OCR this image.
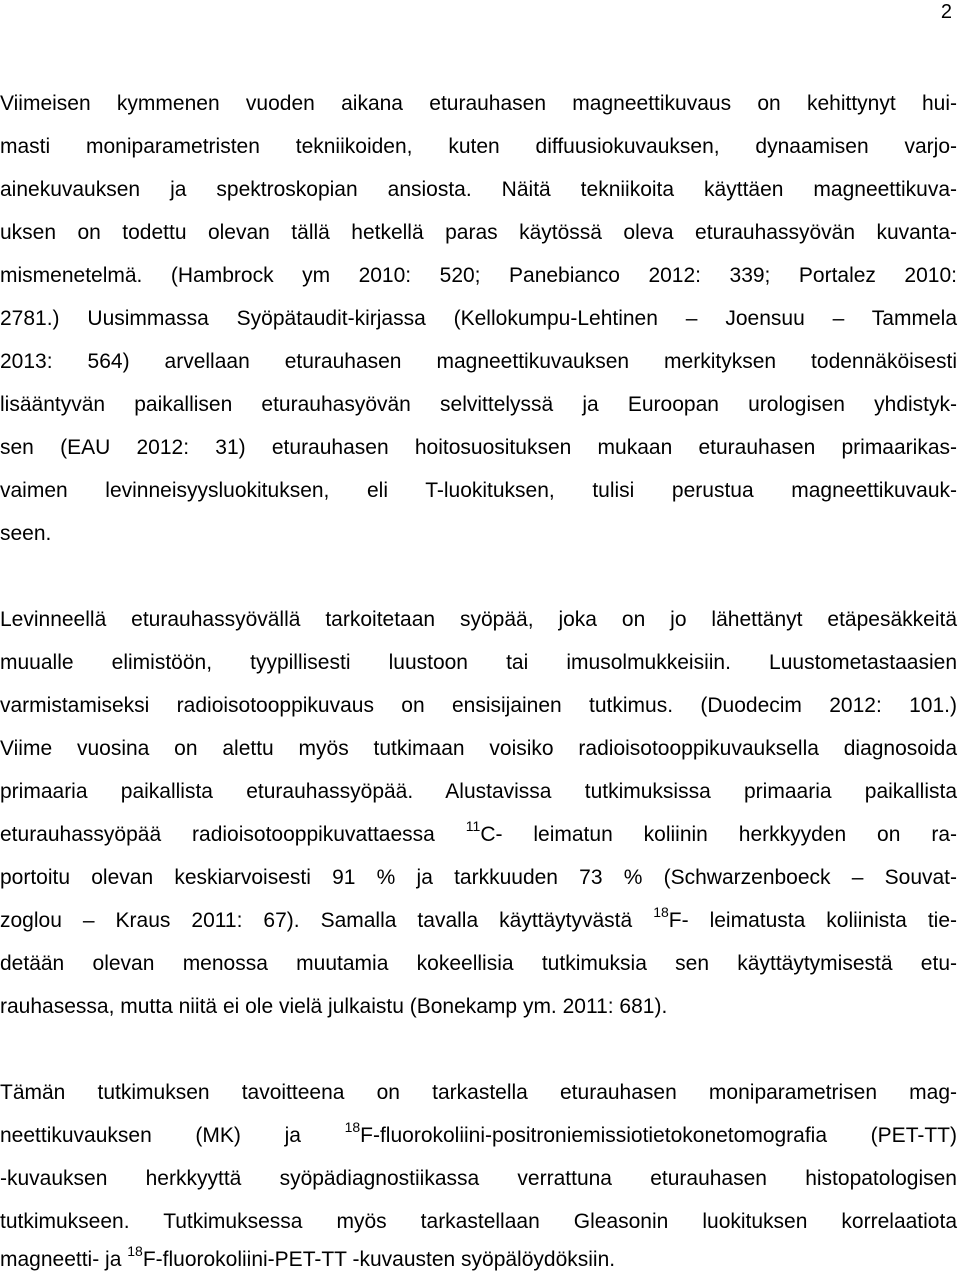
2
Viimeisen kymmenen vuoden aikana eturauhasen magneettikuvaus on kehittynyt hui-
masti moniparametristen tekniikoiden, kuten diffuusiokuvauksen, dynaamisen varjo-
ainekuvauksen ja spektroskopian ansiosta. Näitä tekniikoita käyttäen magneettikuva-
uksen on todettu olevan tällä hetkellä paras käytössä oleva eturauhassyövän kuvanta-
mismenetelmä. (Hambrock ym 2010: 520; Panebianco 2012: 339; Portalez 2010:
2781.) Uusimmassa Syöpätaudit-kirjassa (Kellokumpu-Lehtinen – Joensuu – Tammela
2013: 564) arvellaan eturauhasen magneettikuvauksen merkityksen todennäköisesti
lisääntyvän paikallisen eturauhasyövän selvittelyssä ja Euroopan urologisen yhdistyk-
sen (EAU 2012: 31) eturauhasen hoitosuosituksen mukaan eturauhasen primaarikas-
vaimen levinneisyysluokituksen, eli T-luokituksen, tulisi perustua magneettikuvauk-
seen.
Levinneellä eturauhassyövällä tarkoitetaan syöpää, joka on jo lähettänyt etäpesäkkeitä
muualle elimistöön, tyypillisesti luustoon tai imusolmukkeisiin. Luustometastaasien
varmistamiseksi radioisotooppikuvaus on ensisijainen tutkimus. (Duodecim 2012: 101.)
Viime vuosina on alettu myös tutkimaan voisiko radioisotooppikuvauksella diagnosoida
primaaria paikallista eturauhassyöpää. Alustavissa tutkimuksissa primaaria paikallista
eturauhassyöpää radioisotooppikuvattaessa $^{11}$C- leimatun koliinin herkkyyden on ra-
portoitu olevan keskiarvoisesti 91 % ja tarkkuuden 73 % (Schwarzenboeck – Souvat-
zoglou – Kraus 2011: 67). Samalla tavalla käyttäytyvästä $^{18}$F- leimatusta koliinista tie-
detään olevan menossa muutamia kokeellisia tutkimuksia sen käyttäytymisestä etu-
rauhasessa, mutta niitä ei ole vielä julkaistu (Bonekamp ym. 2011: 681).
Tämän tutkimuksen tavoitteena on tarkastella eturauhasen moniparametrisen mag-
neettikuvauksen (MK) ja $^{18}$F-fluorokoliini-positroniemissiotietokonetomografia (PET-TT)
-kuvauksen herkkyyttä syöpädiagnostiikassa verrattuna eturauhasen histopatologisen
tutkimukseen. Tutkimuksessa myös tarkastellaan Gleasonin luokituksen korrelaatiota
magneetti- ja $^{18}$F-fluorokoliini-PET-TT -kuvausten syöpälöydöksiin.
